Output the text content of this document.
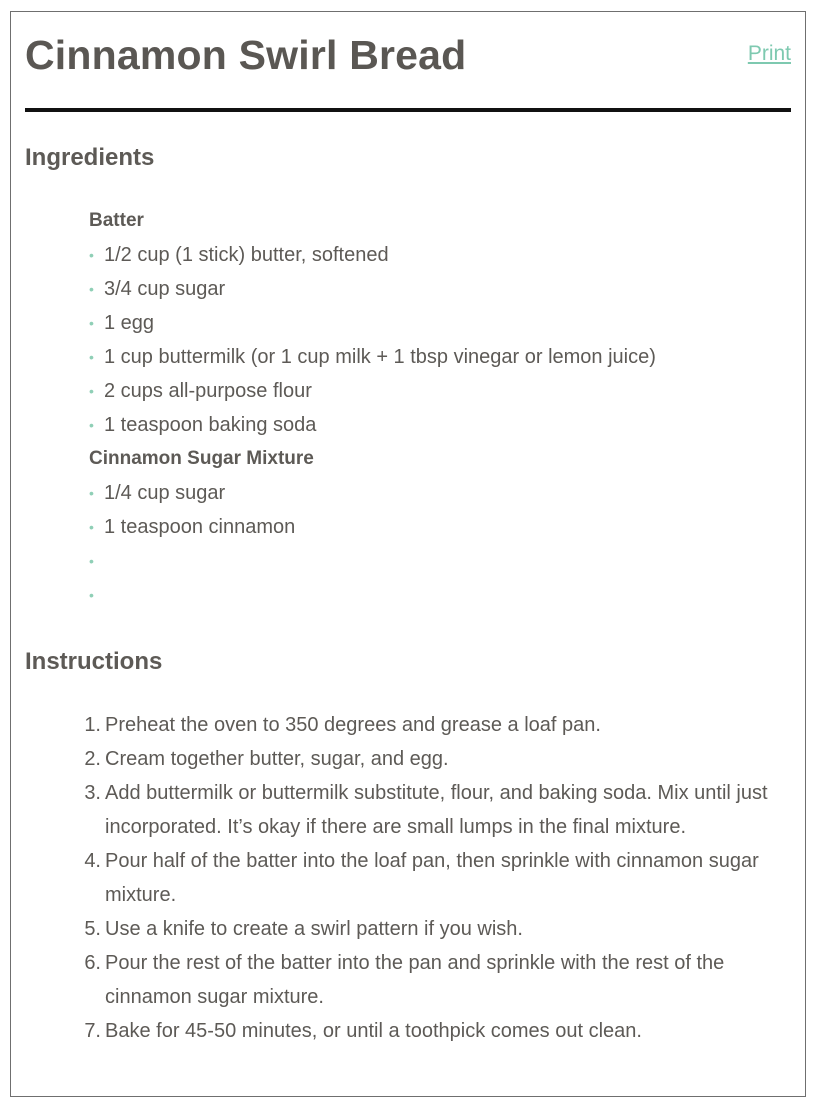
Cinnamon Swirl Bread	Print
Ingredients
Batter
• 1/2 cup (1 stick) butter, softened
• 3/4 cup sugar
• 1 egg
• 1 cup buttermilk (or 1 cup milk + 1 tbsp vinegar or lemon juice)
• 2 cups all-purpose flour
• 1 teaspoon baking soda
Cinnamon Sugar Mixture
• 1/4 cup sugar
• 1 teaspoon cinnamon
•
•
Instructions
1. Preheat the oven to 350 degrees and grease a loaf pan.
2. Cream together butter, sugar, and egg.
3. Add buttermilk or buttermilk substitute, flour, and baking soda. Mix until just incorporated. It’s okay if there are small lumps in the final mixture.
4. Pour half of the batter into the loaf pan, then sprinkle with cinnamon sugar mixture.
5. Use a knife to create a swirl pattern if you wish.
6. Pour the rest of the batter into the pan and sprinkle with the rest of the cinnamon sugar mixture.
7. Bake for 45-50 minutes, or until a toothpick comes out clean.
